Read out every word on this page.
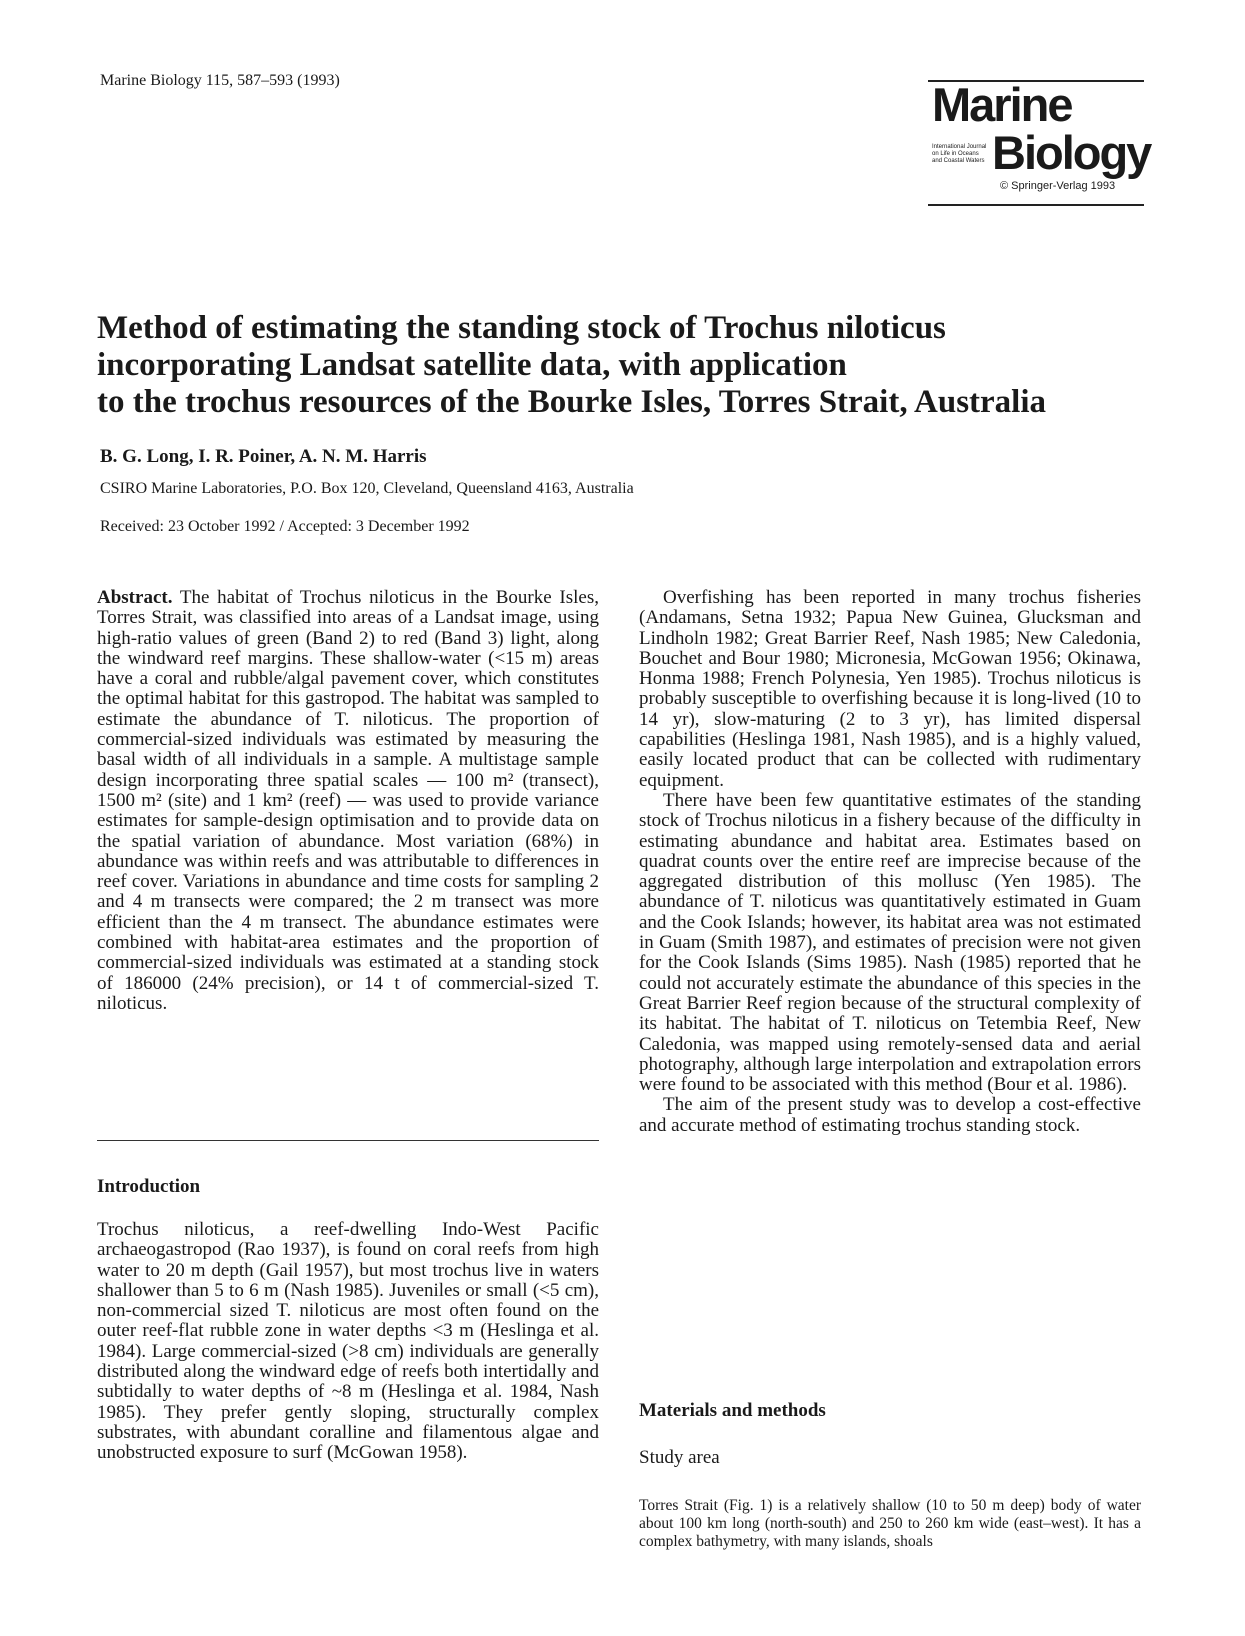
Marine Biology 115, 587–593 (1993)	Marine
International Journal
on Life in Oceans
and Coastal Waters Biology
© Springer-Verlag 1993
Method of estimating the standing stock of Trochus niloticus
incorporating Landsat satellite data, with application
to the trochus resources of the Bourke Isles, Torres Strait, Australia
B. G. Long, I. R. Poiner, A. N. M. Harris
CSIRO Marine Laboratories, P.O. Box 120, Cleveland, Queensland 4163, Australia
Received: 23 October 1992 / Accepted: 3 December 1992

Abstract. The habitat of Trochus niloticus in the Bourke Isles, Torres Strait, was classified into areas of a Landsat image, using high-ratio values of green (Band 2) to red (Band 3) light, along the windward reef margins. These shallow-water (<15 m) areas have a coral and rubble/algal pavement cover, which constitutes the optimal habitat for this gastropod. The habitat was sampled to estimate the abundance of T. niloticus. The proportion of commercial-sized individuals was estimated by measuring the basal width of all individuals in a sample. A multistage sample design incorporating three spatial scales — 100 m² (transect), 1500 m² (site) and 1 km² (reef) — was used to provide variance estimates for sample-design optimisation and to provide data on the spatial variation of abundance. Most variation (68%) in abundance was within reefs and was attributable to differences in reef cover. Variations in abundance and time costs for sampling 2 and 4 m transects were compared; the 2 m transect was more efficient than the 4 m transect. The abundance estimates were combined with habitat-area estimates and the proportion of commercial-sized individuals was estimated at a standing stock of 186000 (24% precision), or 14 t of commercial-sized T. niloticus.

Introduction

Trochus niloticus, a reef-dwelling Indo-West Pacific archaeogastropod (Rao 1937), is found on coral reefs from high water to 20 m depth (Gail 1957), but most trochus live in waters shallower than 5 to 6 m (Nash 1985). Juveniles or small (<5 cm), non-commercial sized T. niloticus are most often found on the outer reef-flat rubble zone in water depths <3 m (Heslinga et al. 1984). Large commercial-sized (>8 cm) individuals are generally distributed along the windward edge of reefs both intertidally and subtidally to water depths of ~8 m (Heslinga et al. 1984, Nash 1985). They prefer gently sloping, structurally complex substrates, with abundant coralline and filamentous algae and unobstructed exposure to surf (McGowan 1958).

Overfishing has been reported in many trochus fisheries (Andamans, Setna 1932; Papua New Guinea, Glucksman and Lindholn 1982; Great Barrier Reef, Nash 1985; New Caledonia, Bouchet and Bour 1980; Micronesia, McGowan 1956; Okinawa, Honma 1988; French Polynesia, Yen 1985). Trochus niloticus is probably susceptible to overfishing because it is long-lived (10 to 14 yr), slow-maturing (2 to 3 yr), has limited dispersal capabilities (Heslinga 1981, Nash 1985), and is a highly valued, easily located product that can be collected with rudimentary equipment.

There have been few quantitative estimates of the standing stock of Trochus niloticus in a fishery because of the difficulty in estimating abundance and habitat area. Estimates based on quadrat counts over the entire reef are imprecise because of the aggregated distribution of this mollusc (Yen 1985). The abundance of T. niloticus was quantitatively estimated in Guam and the Cook Islands; however, its habitat area was not estimated in Guam (Smith 1987), and estimates of precision were not given for the Cook Islands (Sims 1985). Nash (1985) reported that he could not accurately estimate the abundance of this species in the Great Barrier Reef region because of the structural complexity of its habitat. The habitat of T. niloticus on Tetembia Reef, New Caledonia, was mapped using remotely-sensed data and aerial photography, although large interpolation and extrapolation errors were found to be associated with this method (Bour et al. 1986).

The aim of the present study was to develop a cost-effective and accurate method of estimating trochus standing stock.

Materials and methods
Study area

Torres Strait (Fig. 1) is a relatively shallow (10 to 50 m deep) body of water about 100 km long (north-south) and 250 to 260 km wide (east–west). It has a complex bathymetry, with many islands, shoals
